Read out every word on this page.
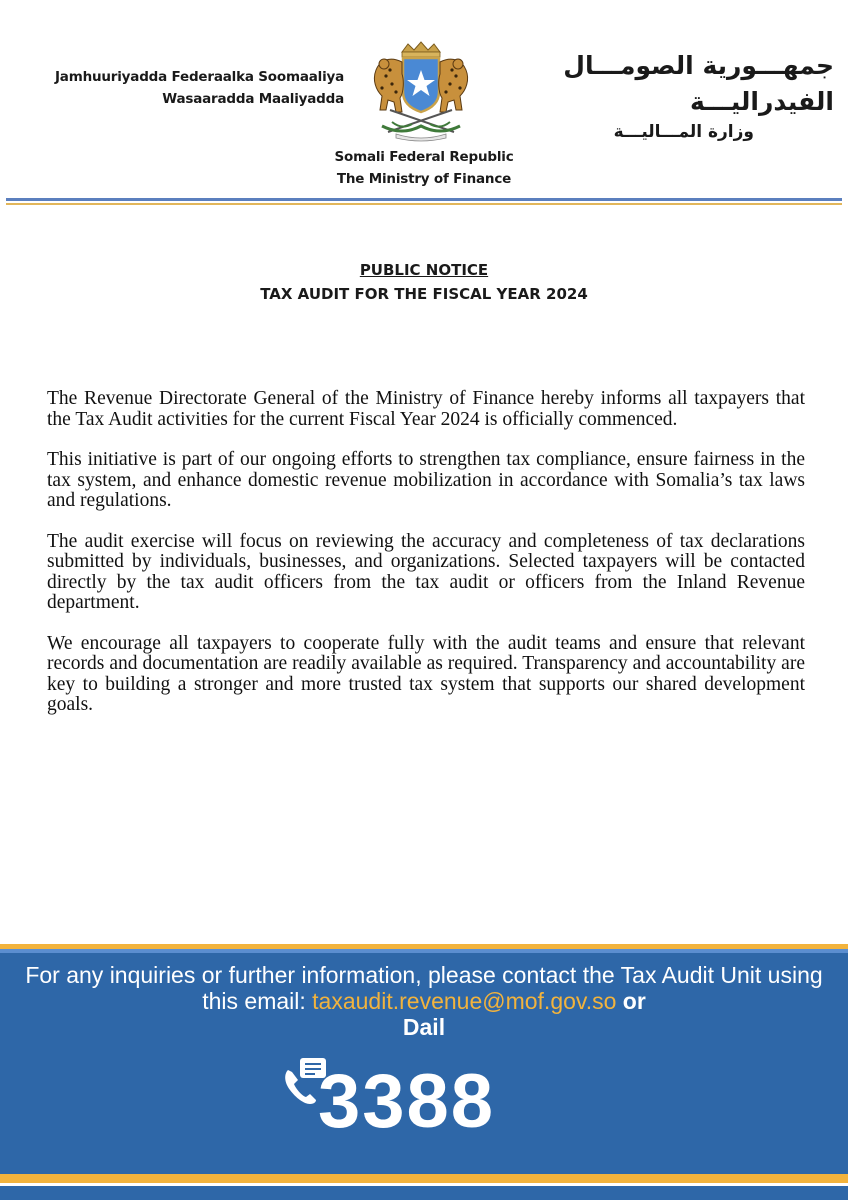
Jamhuuriyadda Federaalka Soomaaliya
Wasaaradda Maaliyadda
جمهـــورية الصومـــال الفيدراليـــة
وزارة المـــاليـــة
Somali Federal Republic
The Ministry of Finance
PUBLIC NOTICE
TAX AUDIT FOR THE FISCAL YEAR 2024

The Revenue Directorate General of the Ministry of Finance hereby informs all taxpayers that the Tax Audit activities for the current Fiscal Year 2024 is officially commenced.

This initiative is part of our ongoing efforts to strengthen tax compliance, ensure fairness in the tax system, and enhance domestic revenue mobilization in accordance with Somalia’s tax laws and regulations.

The audit exercise will focus on reviewing the accuracy and completeness of tax declarations submitted by individuals, businesses, and organizations. Selected taxpayers will be contacted directly by the tax audit officers from the tax audit or officers from the Inland Revenue department.

We encourage all taxpayers to cooperate fully with the audit teams and ensure that relevant records and documentation are readily available as required. Transparency and accountability are key to building a stronger and more trusted tax system that supports our shared development goals.

For any inquiries or further information, please contact the Tax Audit Unit using this email: taxaudit.revenue@mof.gov.so or
Dail
3388
